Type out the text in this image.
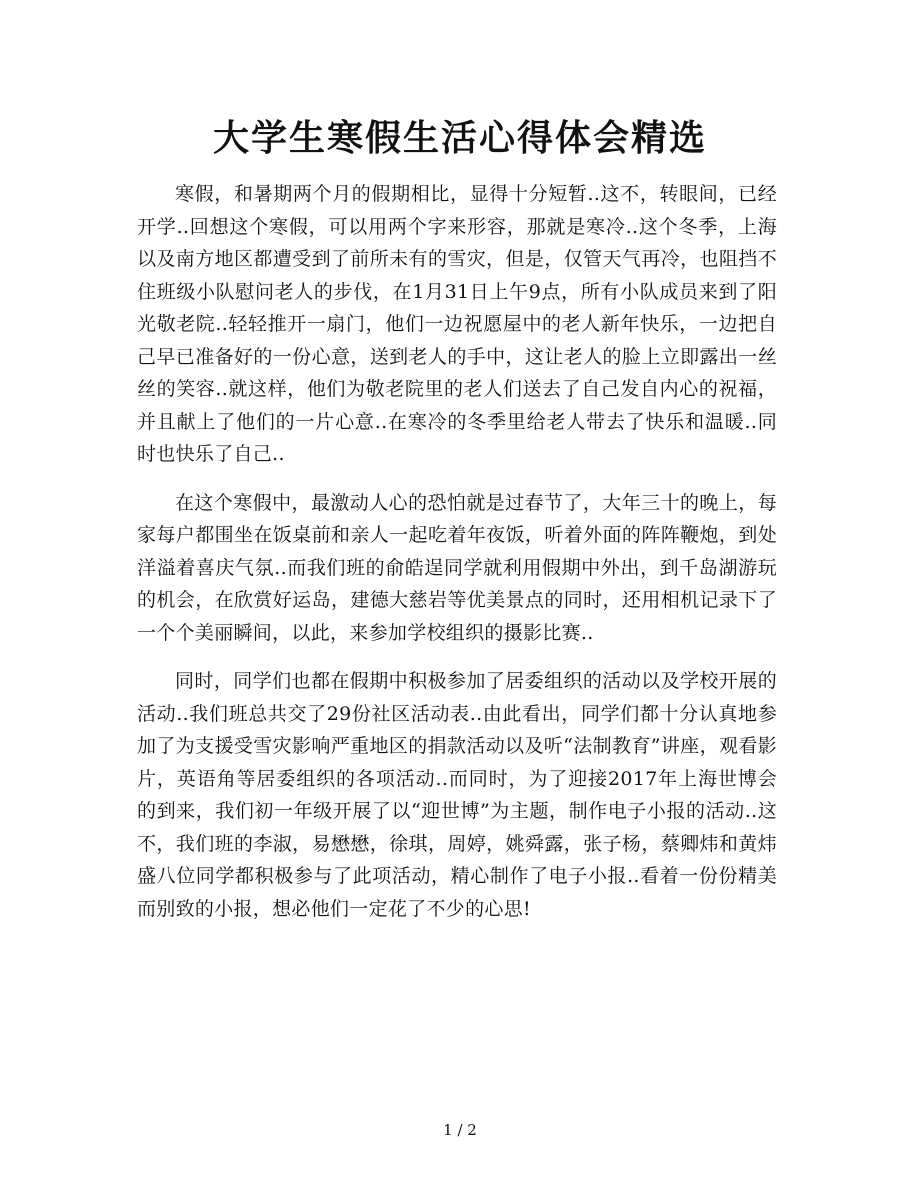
大学生寒假生活心得体会精选

寒假，和暑期两个月的假期相比，显得十分短暂..这不，转眼间，已经开学..回想这个寒假，可以用两个字来形容，那就是寒冷..这个冬季，上海以及南方地区都遭受到了前所未有的雪灾，但是，仅管天气再冷，也阻挡不住班级小队慰问老人的步伐，在1月31日上午9点，所有小队成员来到了阳光敬老院..轻轻推开一扇门，他们一边祝愿屋中的老人新年快乐，一边把自己早已准备好的一份心意，送到老人的手中，这让老人的脸上立即露出一丝丝的笑容..就这样，他们为敬老院里的老人们送去了自己发自内心的祝福，并且献上了他们的一片心意..在寒冷的冬季里给老人带去了快乐和温暖..同时也快乐了自己..

在这个寒假中，最激动人心的恐怕就是过春节了，大年三十的晚上，每家每户都围坐在饭桌前和亲人一起吃着年夜饭，听着外面的阵阵鞭炮，到处洋溢着喜庆气氛..而我们班的俞皓逞同学就利用假期中外出，到千岛湖游玩的机会，在欣赏好运岛，建德大慈岩等优美景点的同时，还用相机记录下了一个个美丽瞬间，以此，来参加学校组织的摄影比赛..

同时，同学们也都在假期中积极参加了居委组织的活动以及学校开展的活动..我们班总共交了29份社区活动表..由此看出，同学们都十分认真地参加了为支援受雪灾影响严重地区的捐款活动以及听“法制教育”讲座，观看影片，英语角等居委组织的各项活动..而同时，为了迎接2017年上海世博会的到来，我们初一年级开展了以“迎世博”为主题，制作电子小报的活动..这不，我们班的李淑，易懋懋，徐琪，周婷，姚舜露，张子杨，蔡卿炜和黄炜盛八位同学都积极参与了此项活动，精心制作了电子小报..看着一份份精美而别致的小报，想必他们一定花了不少的心思!

1 / 2
